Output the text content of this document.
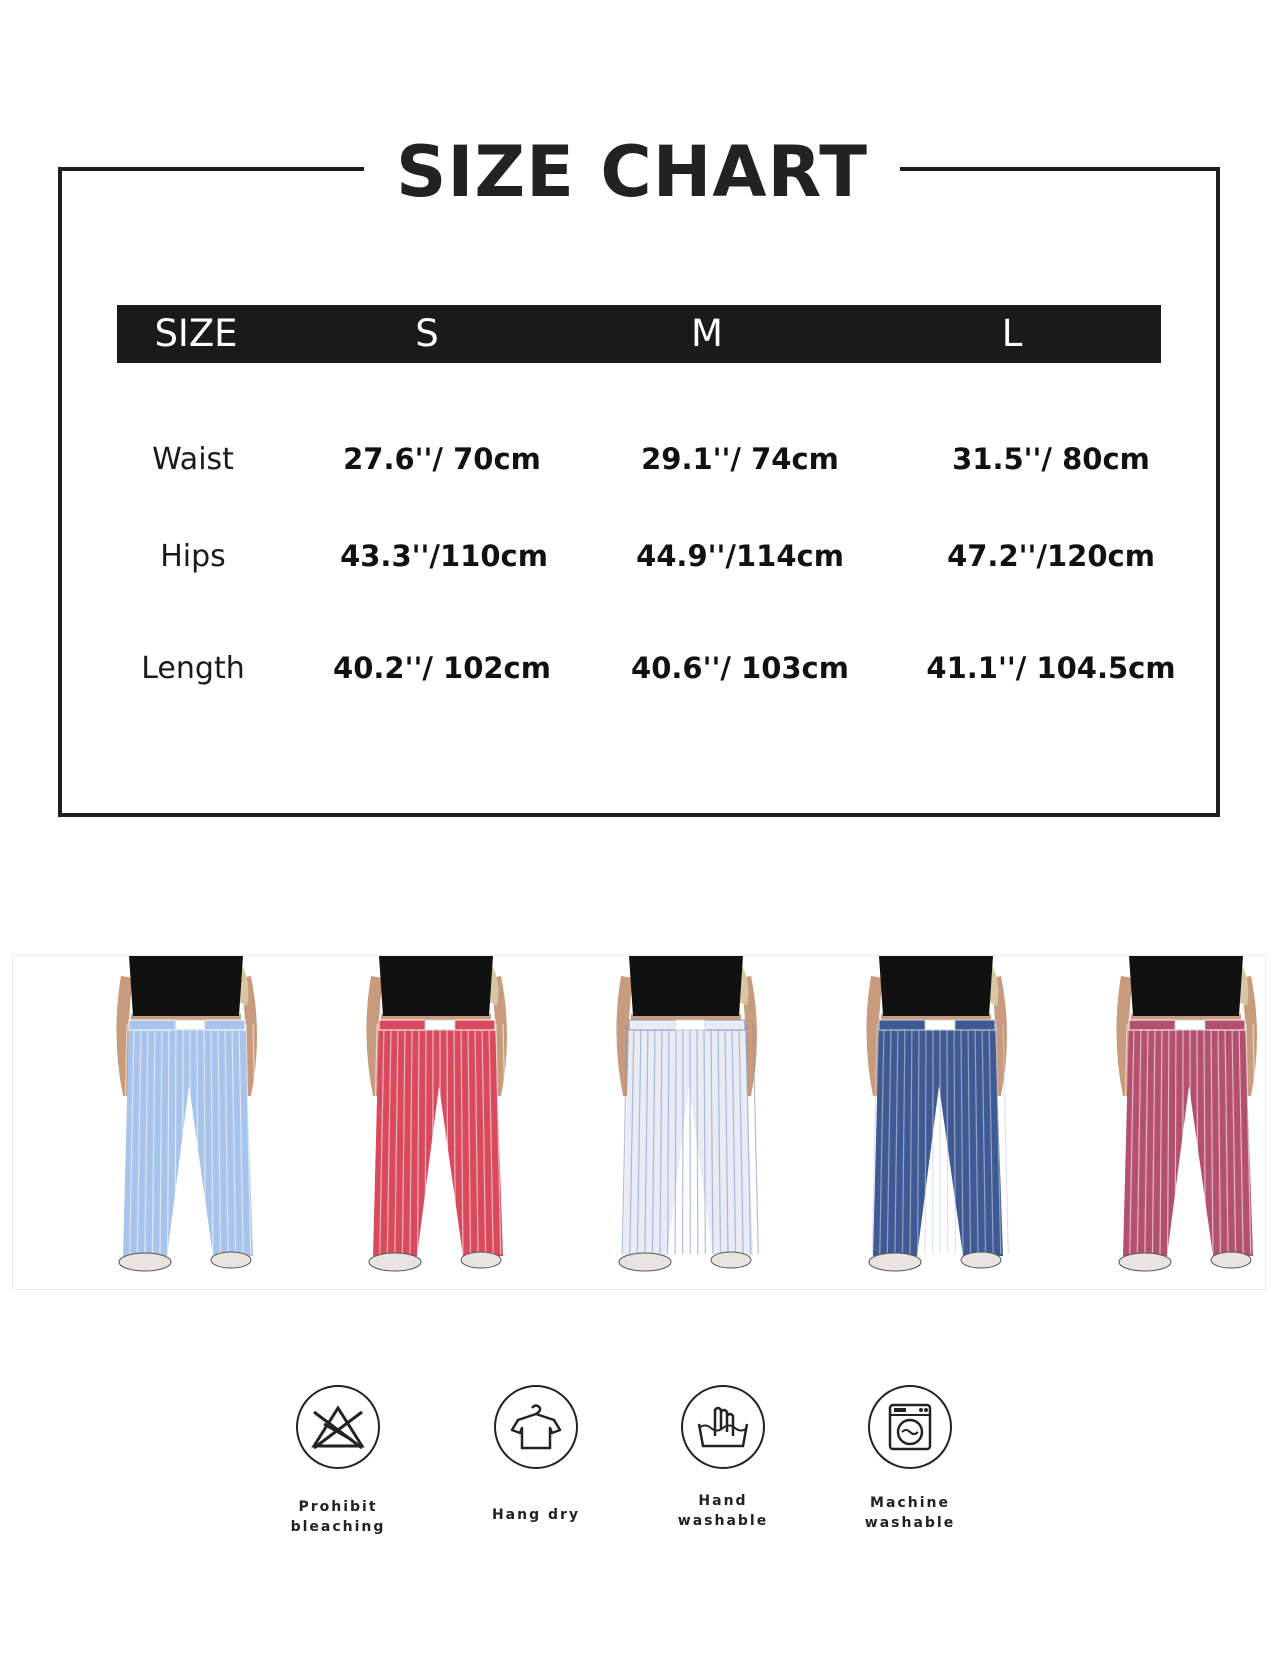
SIZE CHART
SIZE	S	M	L
Waist	27.6''/ 70cm	29.1''/ 74cm	31.5''/ 80cm
Hips	43.3''/110cm	44.9''/114cm	47.2''/120cm
Length	40.2''/ 102cm	40.6''/ 103cm	41.1''/ 104.5cm
Prohibit
bleaching
Hang dry
Hand
washable
Machine
washable
